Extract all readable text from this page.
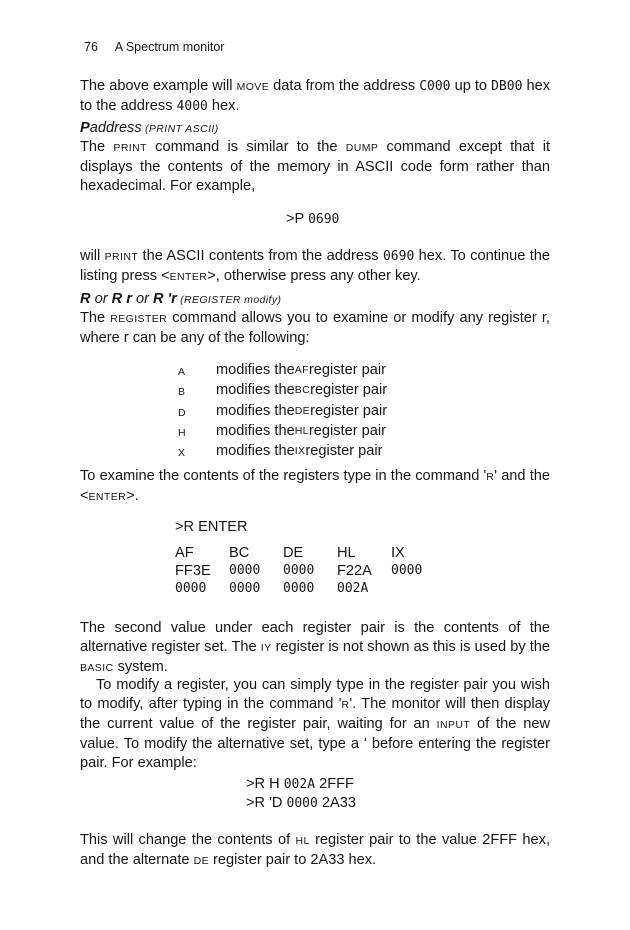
76 A Spectrum monitor

The above example will MOVE data from the address C000 up to DB00 hex to the address 4000 hex.

Paddress (PRINT ASCII)

The PRINT command is similar to the DUMP command except that it displays the contents of the memory in ASCII code form rather than hexadecimal. For example,

>P 0690

will PRINT the ASCII contents from the address 0690 hex. To continue the listing press <ENTER>, otherwise press any other key.

R or R r or R 'r (REGISTER modify)

The REGISTER command allows you to examine or modify any register r, where r can be any of the following:

A	modifies the AF register pair
B	modifies the BC register pair
D	modifies the DE register pair
H	modifies the HL register pair
X	modifies the IX register pair

To examine the contents of the registers type in the command 'R' and the <ENTER>.

>R ENTER
AF	BC	DE	HL	IX
FF3E	0000	0000	F22A	0000
0000	0000	0000	002A	

The second value under each register pair is the contents of the alternative register set. The IY register is not shown as this is used by the BASIC system.

To modify a register, you can simply type in the register pair you wish to modify, after typing in the command 'R'. The monitor will then display the current value of the register pair, waiting for an INPUT of the new value. To modify the alternative set, type a ' before entering the register pair. For example:

>R H 002A 2FFF
>R 'D 0000 2A33

This will change the contents of HL register pair to the value 2FFF hex, and the alternate DE register pair to 2A33 hex.
